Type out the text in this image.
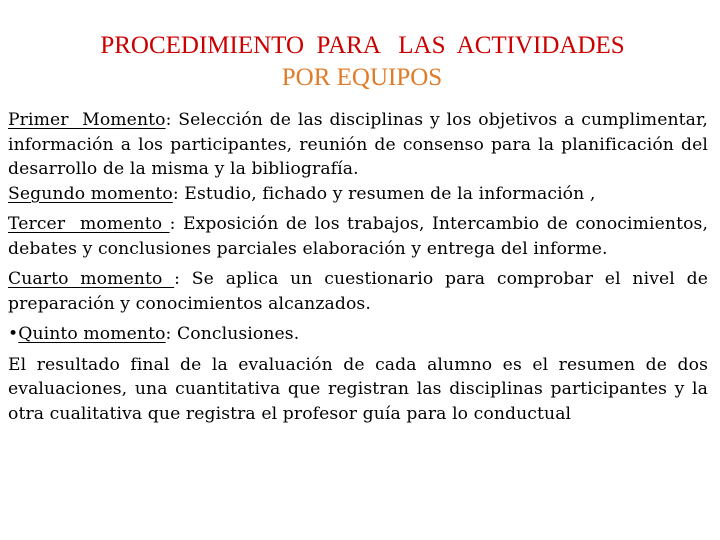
PROCEDIMIENTO  PARA   LAS  ACTIVIDADES
POR EQUIPOS

Primer  Momento: Selección de las disciplinas y los objetivos a cumplimentar, información a los participantes, reunión de consenso para la planificación del desarrollo de la misma y la bibliografía.

Segundo momento: Estudio, fichado y resumen de la información ,

Tercer  momento : Exposición de los trabajos, Intercambio de conocimientos, debates y conclusiones parciales elaboración y entrega del informe.

Cuarto momento : Se aplica un cuestionario para comprobar el nivel de preparación y conocimientos alcanzados.

•Quinto momento: Conclusiones.

El resultado final de la evaluación de cada alumno es el resumen de dos evaluaciones, una cuantitativa que registran las disciplinas participantes y la otra cualitativa que registra el profesor guía para lo conductual
